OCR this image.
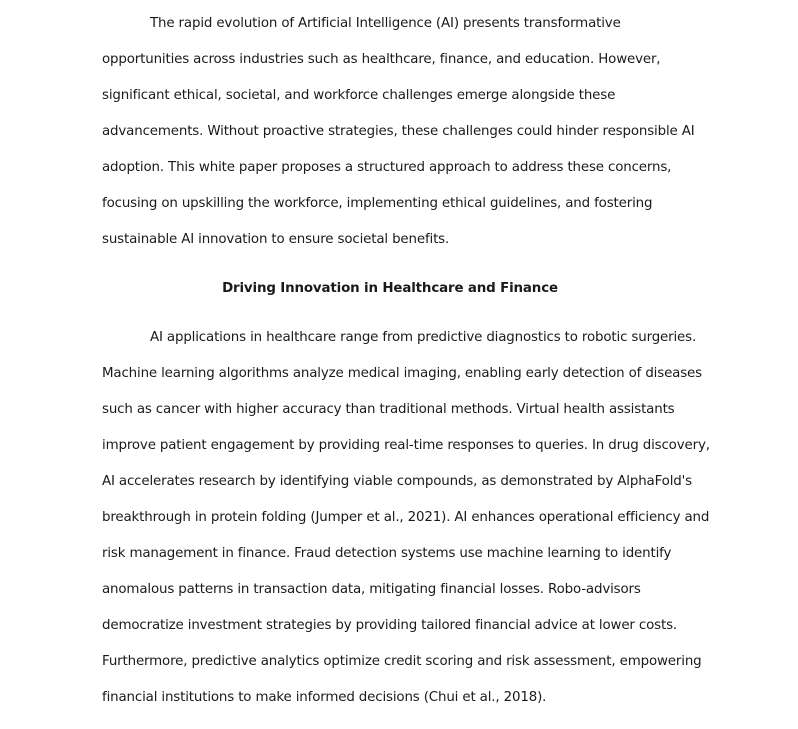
The rapid evolution of Artificial Intelligence (AI) presents transformative
opportunities across industries such as healthcare, finance, and education. However,
significant ethical, societal, and workforce challenges emerge alongside these
advancements. Without proactive strategies, these challenges could hinder responsible AI
adoption. This white paper proposes a structured approach to address these concerns,
focusing on upskilling the workforce, implementing ethical guidelines, and fostering
sustainable AI innovation to ensure societal benefits.
Driving Innovation in Healthcare and Finance
AI applications in healthcare range from predictive diagnostics to robotic surgeries.
Machine learning algorithms analyze medical imaging, enabling early detection of diseases
such as cancer with higher accuracy than traditional methods. Virtual health assistants
improve patient engagement by providing real-time responses to queries. In drug discovery,
AI accelerates research by identifying viable compounds, as demonstrated by AlphaFold's
breakthrough in protein folding (Jumper et al., 2021). AI enhances operational efficiency and
risk management in finance. Fraud detection systems use machine learning to identify
anomalous patterns in transaction data, mitigating financial losses. Robo-advisors
democratize investment strategies by providing tailored financial advice at lower costs.
Furthermore, predictive analytics optimize credit scoring and risk assessment, empowering
financial institutions to make informed decisions (Chui et al., 2018).
